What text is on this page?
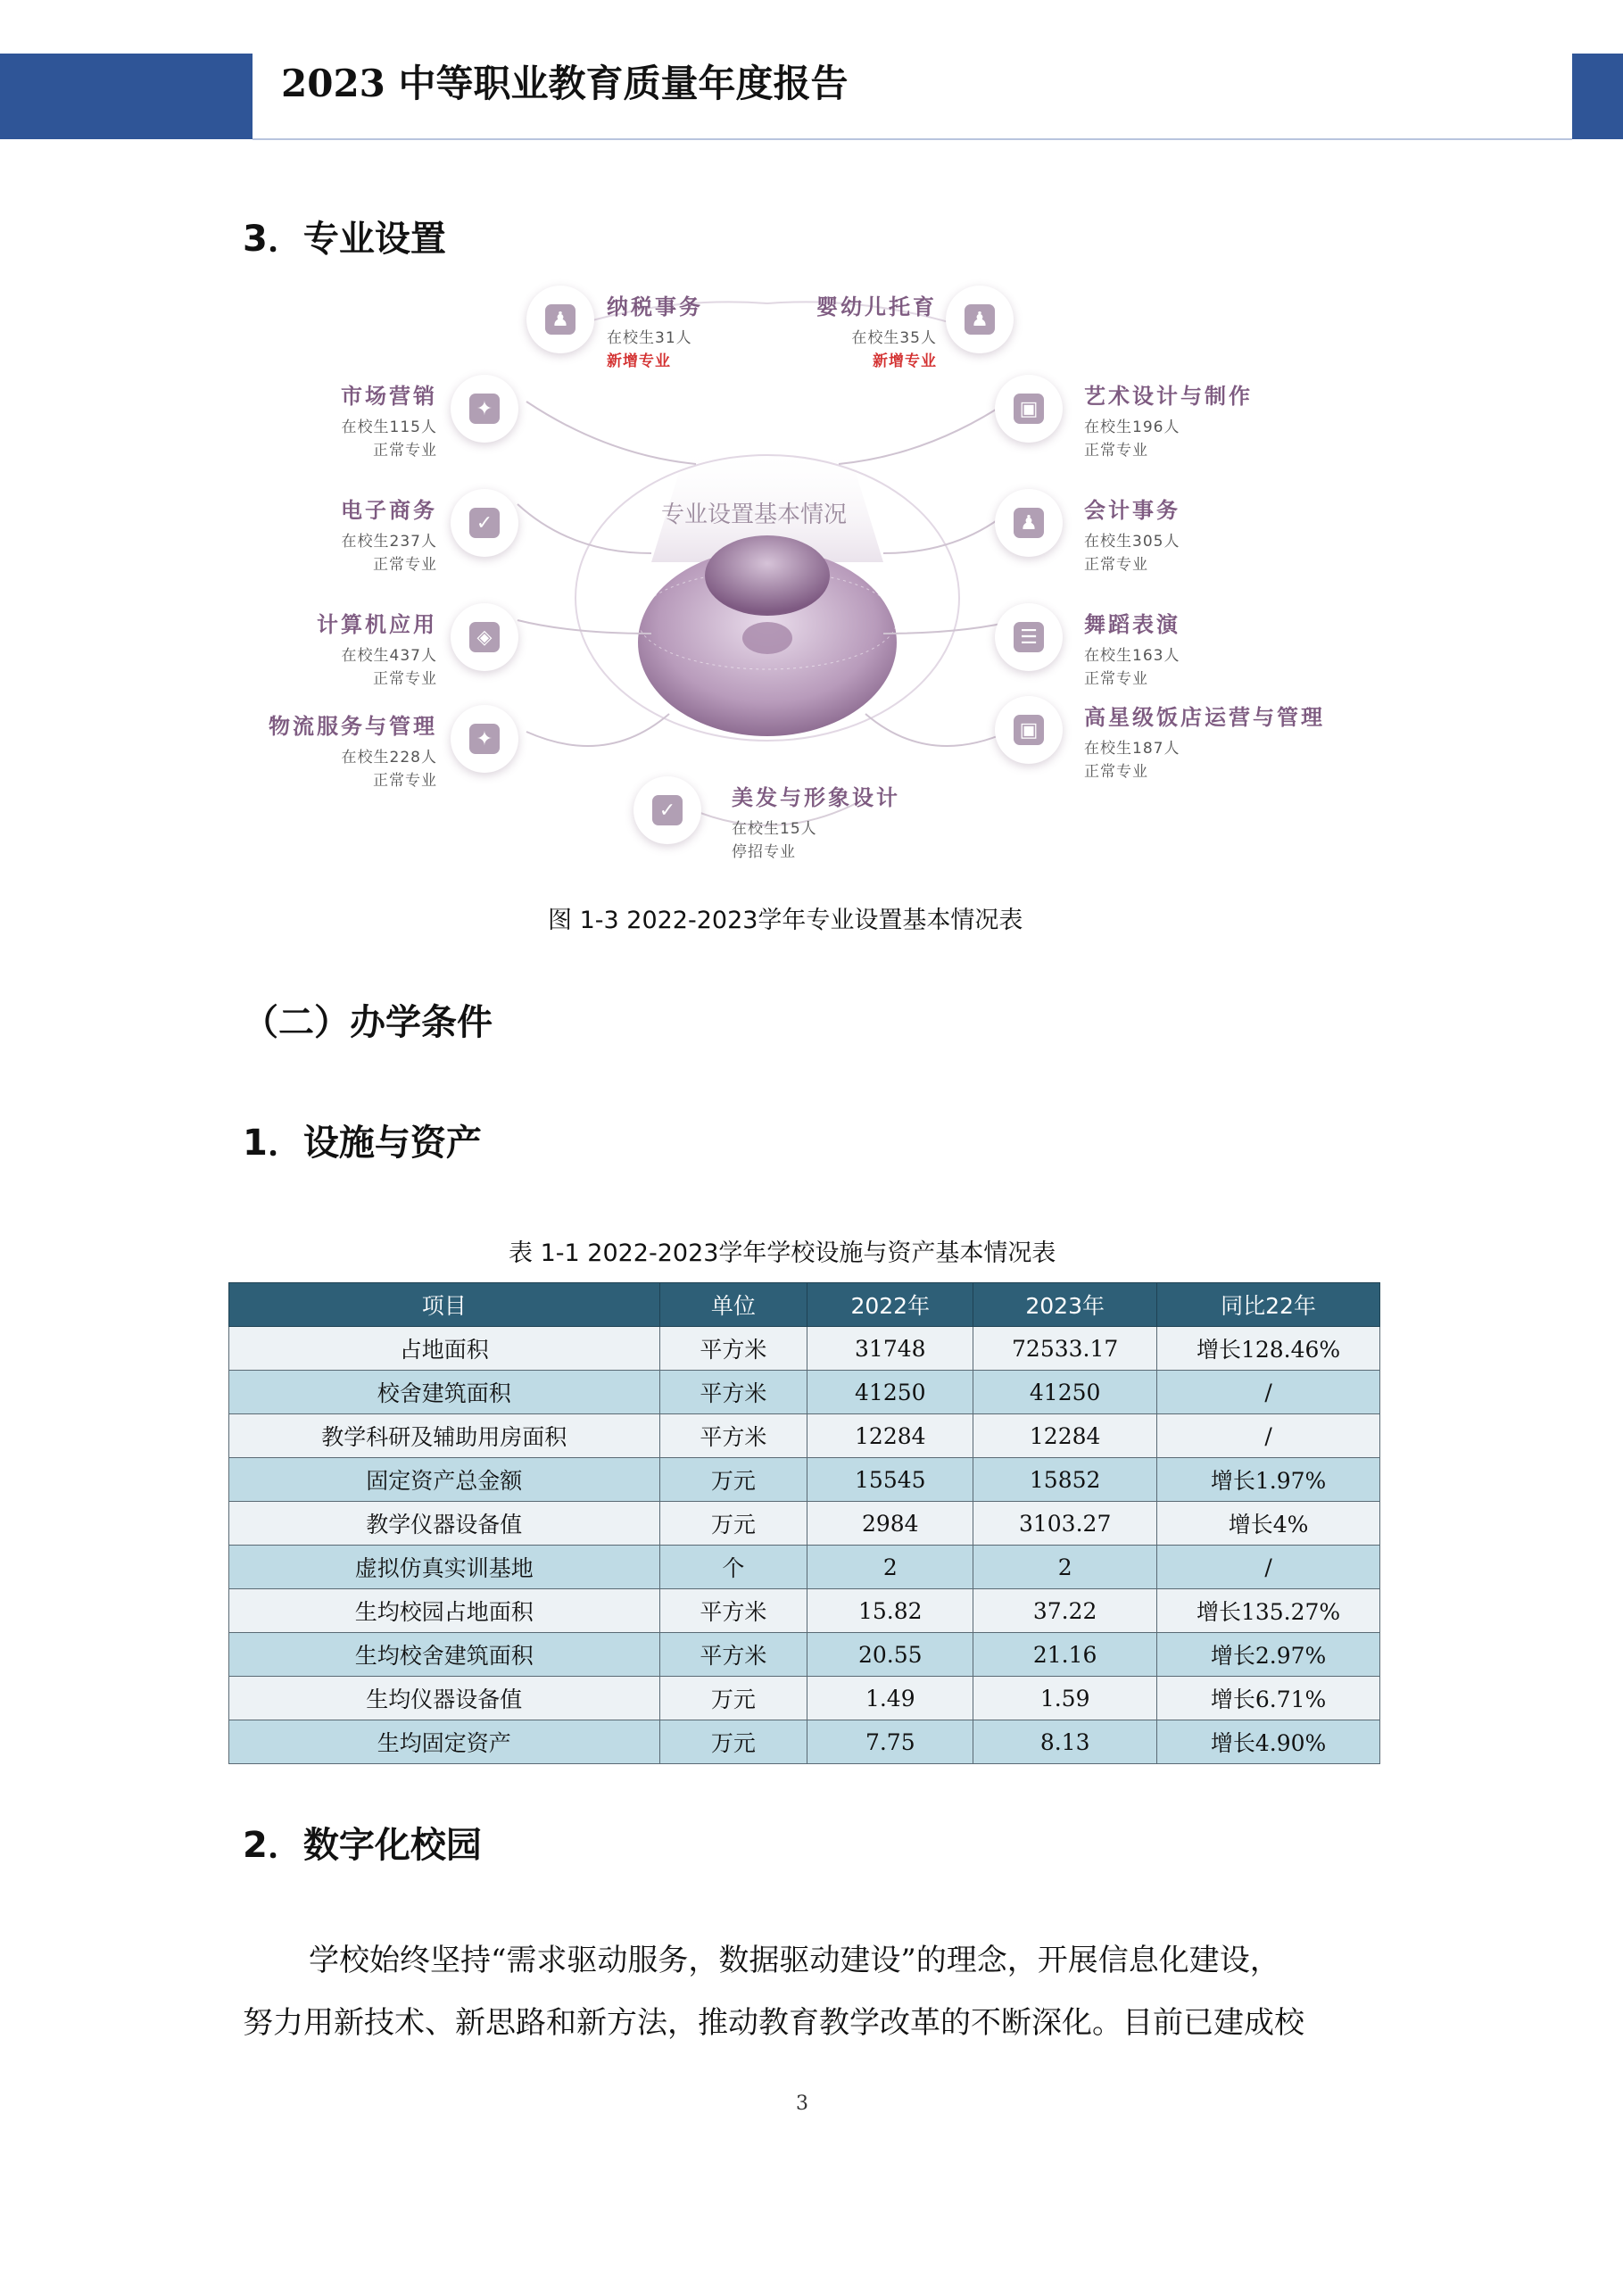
2023 中等职业教育质量年度报告
3．专业设置
专业设置基本情况
♟ 纳税事务
在校生31人
新增专业
♟
婴幼儿托育
在校生35人
新增专业
✦
市场营销
在校生115人
正常专业
▣ 艺术设计与制作
在校生196人
正常专业
✓
电子商务
在校生237人
正常专业
♟ 会计事务
在校生305人
正常专业
◈
计算机应用
在校生437人
正常专业
☰ 舞蹈表演
在校生163人
正常专业
✦
物流服务与管理
在校生228人
正常专业
▣ 高星级饭店运营与管理
在校生187人
正常专业
✓	美发与形象设计
在校生15人
停招专业
图 1-3 2022-2023学年专业设置基本情况表
（二）办学条件
1．设施与资产
表 1-1 2022-2023学年学校设施与资产基本情况表
项目	单位	2022年	2023年	同比22年
占地面积	平方米	31748	72533.17	增长128.46%
校舍建筑面积	平方米	41250	41250	/
教学科研及辅助用房面积	平方米	12284	12284	/
固定资产总金额	万元	15545	15852	增长1.97%
教学仪器设备值	万元	2984	3103.27	增长4%
虚拟仿真实训基地	个	2	2	/
生均校园占地面积	平方米	15.82	37.22	增长135.27%
生均校舍建筑面积	平方米	20.55	21.16	增长2.97%
生均仪器设备值	万元	1.49	1.59	增长6.71%
生均固定资产	万元	7.75	8.13	增长4.90%
2．数字化校园
学校始终坚持“需求驱动服务，数据驱动建设”的理念，开展信息化建设，
努力用新技术、新思路和新方法，推动教育教学改革的不断深化。目前已建成校
3
